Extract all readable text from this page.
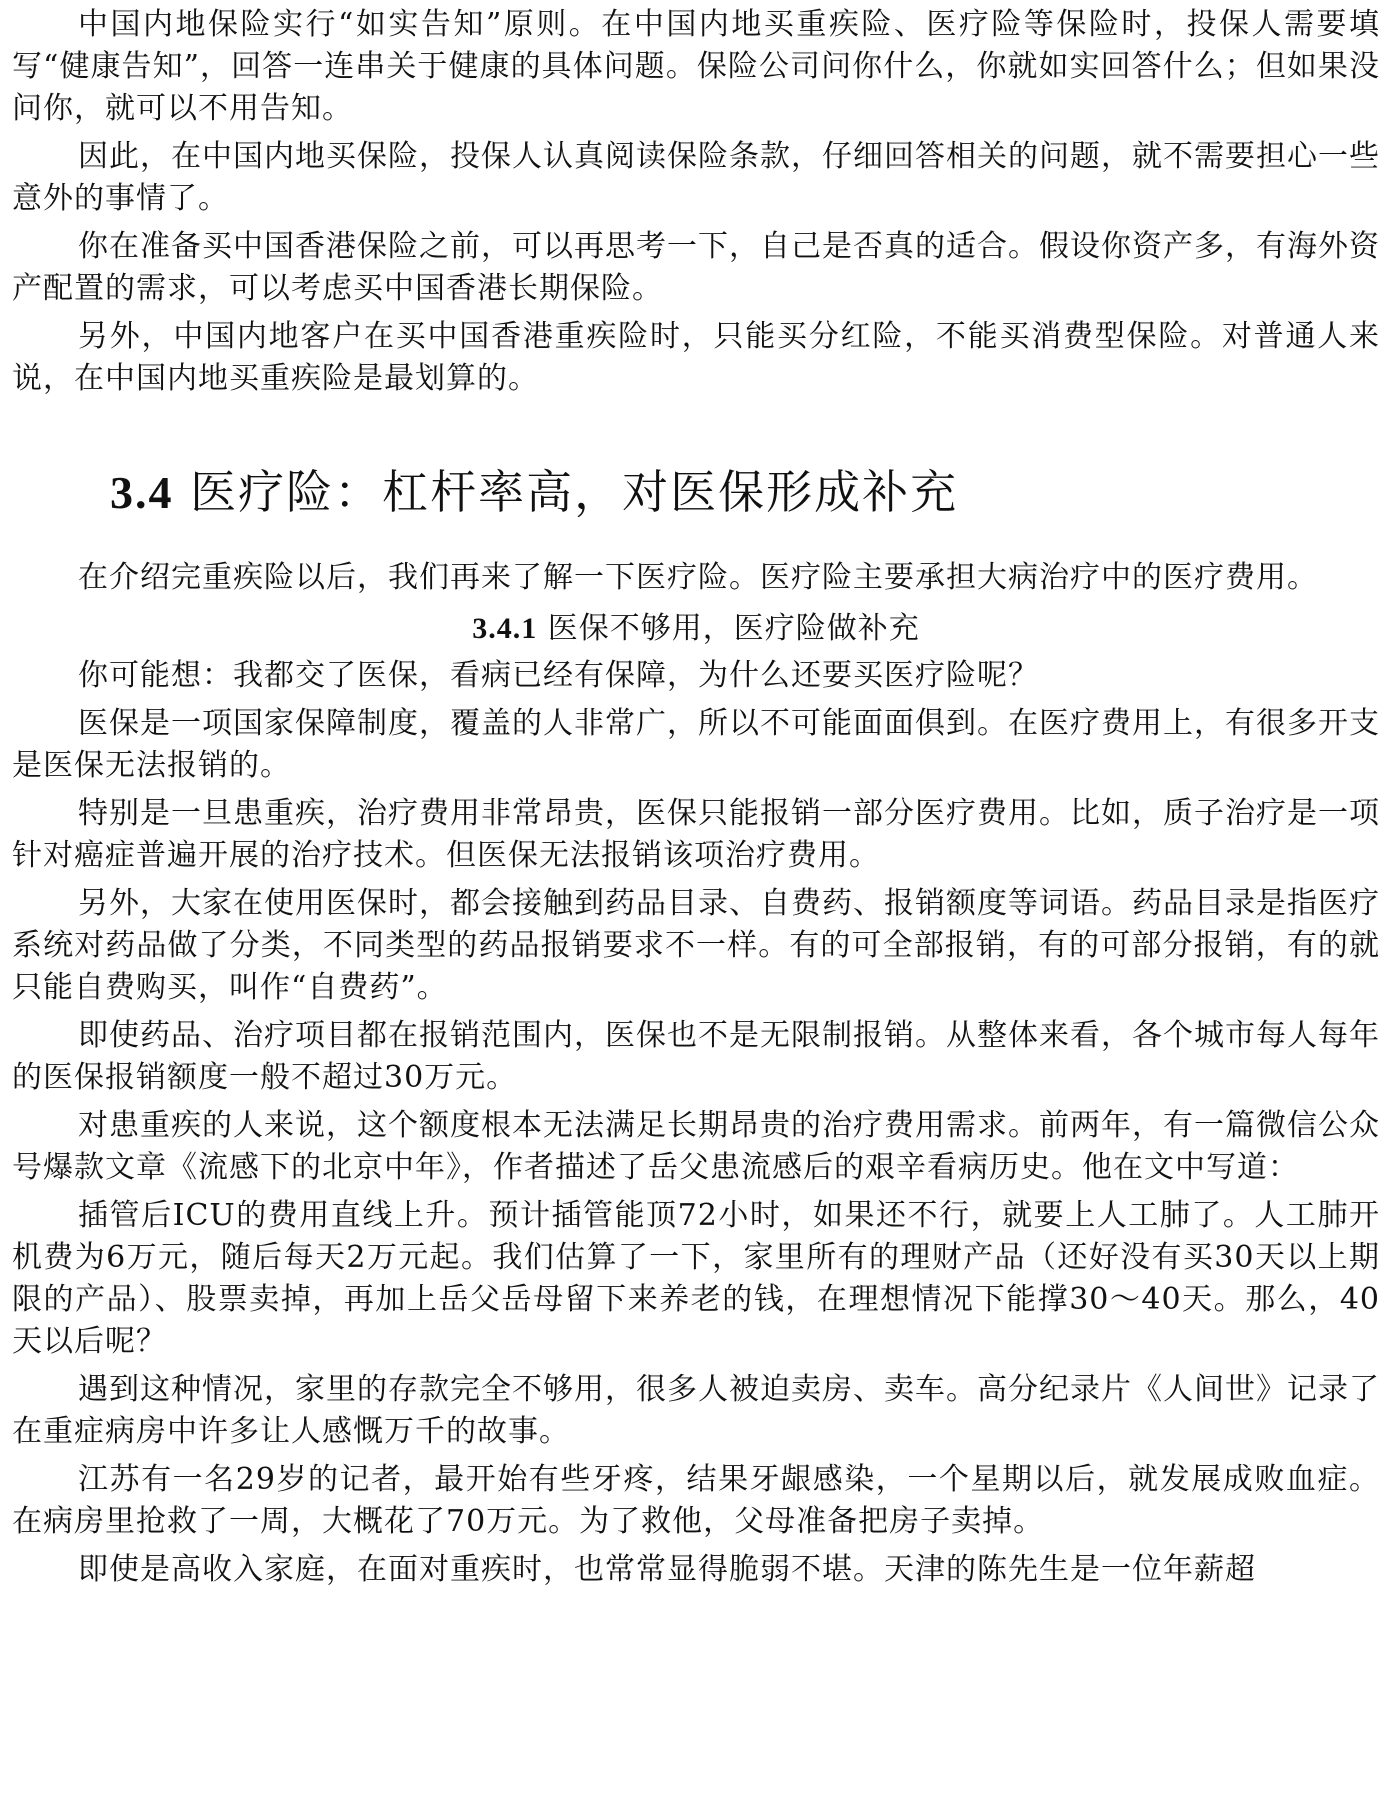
中国内地保险实行“如实告知”原则。在中国内地买重疾险、医疗险等保险时，投保人需要填写“健康告知”，回答一连串关于健康的具体问题。保险公司问你什么，你就如实回答什么；但如果没问你，就可以不用告知。

因此，在中国内地买保险，投保人认真阅读保险条款，仔细回答相关的问题，就不需要担心一些意外的事情了。

你在准备买中国香港保险之前，可以再思考一下，自己是否真的适合。假设你资产多，有海外资产配置的需求，可以考虑买中国香港长期保险。

另外，中国内地客户在买中国香港重疾险时，只能买分红险，不能买消费型保险。对普通人来说，在中国内地买重疾险是最划算的。

3.4 医疗险：杠杆率高，对医保形成补充

在介绍完重疾险以后，我们再来了解一下医疗险。医疗险主要承担大病治疗中的医疗费用。

3.4.1 医保不够用，医疗险做补充

你可能想：我都交了医保，看病已经有保障，为什么还要买医疗险呢？

医保是一项国家保障制度，覆盖的人非常广，所以不可能面面俱到。在医疗费用上，有很多开支是医保无法报销的。

特别是一旦患重疾，治疗费用非常昂贵，医保只能报销一部分医疗费用。比如，质子治疗是一项针对癌症普遍开展的治疗技术。但医保无法报销该项治疗费用。

另外，大家在使用医保时，都会接触到药品目录、自费药、报销额度等词语。药品目录是指医疗系统对药品做了分类，不同类型的药品报销要求不一样。有的可全部报销，有的可部分报销，有的就只能自费购买，叫作“自费药”。

即使药品、治疗项目都在报销范围内，医保也不是无限制报销。从整体来看，各个城市每人每年的医保报销额度一般不超过30万元。

对患重疾的人来说，这个额度根本无法满足长期昂贵的治疗费用需求。前两年，有一篇微信公众号爆款文章《流感下的北京中年》，作者描述了岳父患流感后的艰辛看病历史。他在文中写道：

插管后ICU的费用直线上升。预计插管能顶72小时，如果还不行，就要上人工肺了。人工肺开机费为6万元，随后每天2万元起。我们估算了一下，家里所有的理财产品（还好没有买30天以上期限的产品）、股票卖掉，再加上岳父岳母留下来养老的钱，在理想情况下能撑30～40天。那么，40天以后呢？

遇到这种情况，家里的存款完全不够用，很多人被迫卖房、卖车。高分纪录片《人间世》记录了在重症病房中许多让人感慨万千的故事。

江苏有一名29岁的记者，最开始有些牙疼，结果牙龈感染，一个星期以后，就发展成败血症。在病房里抢救了一周，大概花了70万元。为了救他，父母准备把房子卖掉。

即使是高收入家庭，在面对重疾时，也常常显得脆弱不堪。天津的陈先生是一位年薪超
